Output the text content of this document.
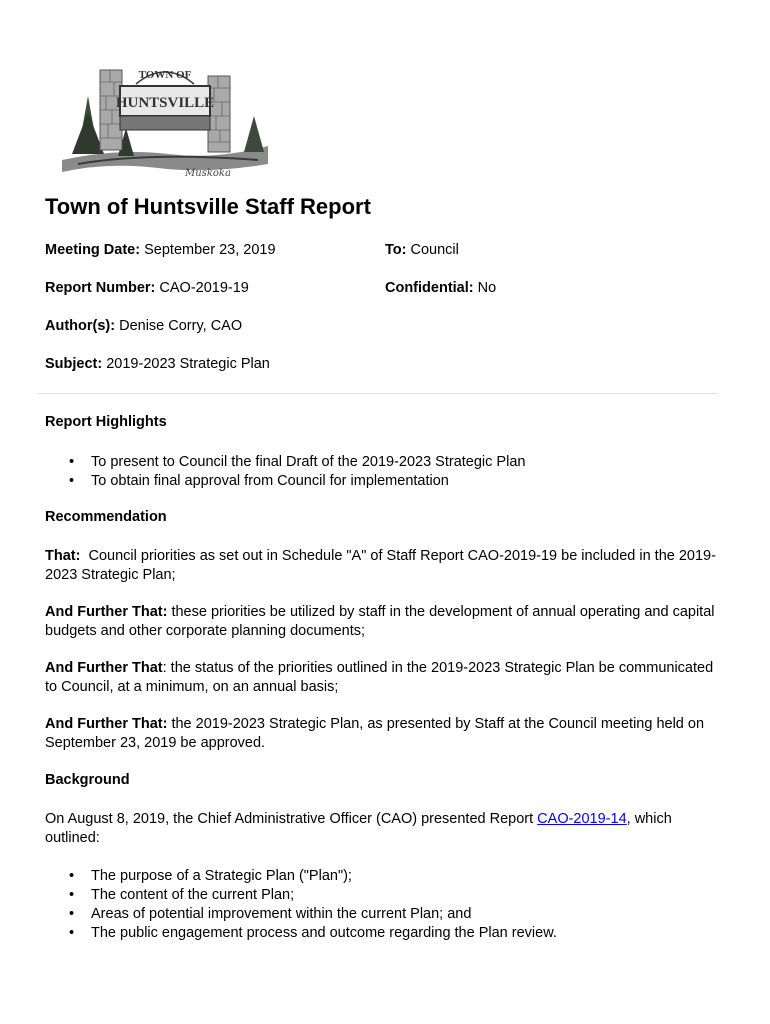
TOWN OF
HUNTSVILLE
Muskoka
Town of Huntsville Staff Report
Meeting Date: September 23, 2019	To: Council
Report Number: CAO-2019-19	Confidential: No
Author(s): Denise Corry, CAO
Subject: 2019-2023 Strategic Plan
Report Highlights
• To present to Council the final Draft of the 2019-2023 Strategic Plan
• To obtain final approval from Council for implementation
Recommendation

That:  Council priorities as set out in Schedule "A" of Staff Report CAO-2019-19 be included in the 2019-2023 Strategic Plan;

And Further That: these priorities be utilized by staff in the development of annual operating and capital budgets and other corporate planning documents;

And Further That: the status of the priorities outlined in the 2019-2023 Strategic Plan be communicated to Council, at a minimum, on an annual basis;

And Further That: the 2019-2023 Strategic Plan, as presented by Staff at the Council meeting held on September 23, 2019 be approved.

Background

On August 8, 2019, the Chief Administrative Officer (CAO) presented Report CAO-2019-14, which outlined:

• The purpose of a Strategic Plan ("Plan");
• The content of the current Plan;
• Areas of potential improvement within the current Plan; and
• The public engagement process and outcome regarding the Plan review.
